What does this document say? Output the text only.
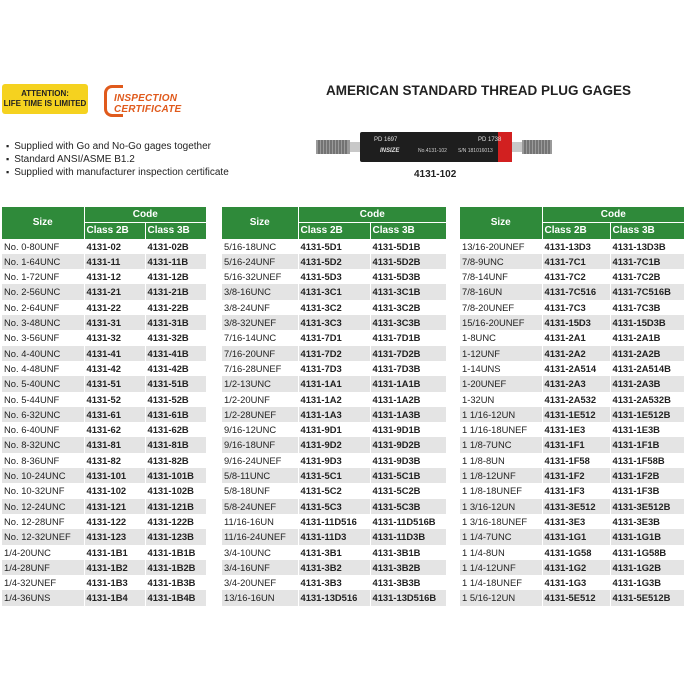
ATTENTION:
LIFE TIME IS LIMITED	INSPECTION
CERTIFICATE
AMERICAN STANDARD THREAD PLUG GAGES
▪ Supplied with Go and No-Go gages together
▪ Standard ANSI/ASME B1.2
▪ Supplied with manufacturer inspection certificate
PD 1697	PD 1738
INSIZE	No.4131-102 S/N 181016013
4131-102
Size	Code	
	Class 2B	Class 3B
No. 0-80UNF	4131-02	4131-02B
No. 1-64UNC	4131-11	4131-11B
No. 1-72UNF	4131-12	4131-12B
No. 2-56UNC	4131-21	4131-21B
No. 2-64UNF	4131-22	4131-22B
No. 3-48UNC	4131-31	4131-31B
No. 3-56UNF	4131-32	4131-32B
No. 4-40UNC	4131-41	4131-41B
No. 4-48UNF	4131-42	4131-42B
No. 5-40UNC	4131-51	4131-51B
No. 5-44UNF	4131-52	4131-52B
No. 6-32UNC	4131-61	4131-61B
No. 6-40UNF	4131-62	4131-62B
No. 8-32UNC	4131-81	4131-81B
No. 8-36UNF	4131-82	4131-82B
No. 10-24UNC	4131-101	4131-101B
No. 10-32UNF	4131-102	4131-102B
No. 12-24UNC	4131-121	4131-121B
No. 12-28UNF	4131-122	4131-122B
No. 12-32UNEF	4131-123	4131-123B
1/4-20UNC	4131-1B1	4131-1B1B
1/4-28UNF	4131-1B2	4131-1B2B
1/4-32UNEF	4131-1B3	4131-1B3B
1/4-36UNS	4131-1B4	4131-1B4B
Size	Code	
	Class 2B	Class 3B
5/16-18UNC	4131-5D1	4131-5D1B
5/16-24UNF	4131-5D2	4131-5D2B
5/16-32UNEF	4131-5D3	4131-5D3B
3/8-16UNC	4131-3C1	4131-3C1B
3/8-24UNF	4131-3C2	4131-3C2B
3/8-32UNEF	4131-3C3	4131-3C3B
7/16-14UNC	4131-7D1	4131-7D1B
7/16-20UNF	4131-7D2	4131-7D2B
7/16-28UNEF	4131-7D3	4131-7D3B
1/2-13UNC	4131-1A1	4131-1A1B
1/2-20UNF	4131-1A2	4131-1A2B
1/2-28UNEF	4131-1A3	4131-1A3B
9/16-12UNC	4131-9D1	4131-9D1B
9/16-18UNF	4131-9D2	4131-9D2B
9/16-24UNEF	4131-9D3	4131-9D3B
5/8-11UNC	4131-5C1	4131-5C1B
5/8-18UNF	4131-5C2	4131-5C2B
5/8-24UNEF	4131-5C3	4131-5C3B
11/16-16UN	4131-11D516	4131-11D516B
11/16-24UNEF	4131-11D3	4131-11D3B
3/4-10UNC	4131-3B1	4131-3B1B
3/4-16UNF	4131-3B2	4131-3B2B
3/4-20UNEF	4131-3B3	4131-3B3B
13/16-16UN	4131-13D516	4131-13D516B
Size	Code	
	Class 2B	Class 3B
13/16-20UNEF	4131-13D3	4131-13D3B
7/8-9UNC	4131-7C1	4131-7C1B
7/8-14UNF	4131-7C2	4131-7C2B
7/8-16UN	4131-7C516	4131-7C516B
7/8-20UNEF	4131-7C3	4131-7C3B
15/16-20UNEF	4131-15D3	4131-15D3B
1-8UNC	4131-2A1	4131-2A1B
1-12UNF	4131-2A2	4131-2A2B
1-14UNS	4131-2A514	4131-2A514B
1-20UNEF	4131-2A3	4131-2A3B
1-32UN	4131-2A532	4131-2A532B
1 1/16-12UN	4131-1E512	4131-1E512B
1 1/16-18UNEF	4131-1E3	4131-1E3B
1 1/8-7UNC	4131-1F1	4131-1F1B
1 1/8-8UN	4131-1F58	4131-1F58B
1 1/8-12UNF	4131-1F2	4131-1F2B
1 1/8-18UNEF	4131-1F3	4131-1F3B
1 3/16-12UN	4131-3E512	4131-3E512B
1 3/16-18UNEF	4131-3E3	4131-3E3B
1 1/4-7UNC	4131-1G1	4131-1G1B
1 1/4-8UN	4131-1G58	4131-1G58B
1 1/4-12UNF	4131-1G2	4131-1G2B
1 1/4-18UNEF	4131-1G3	4131-1G3B
1 5/16-12UN	4131-5E512	4131-5E512B
